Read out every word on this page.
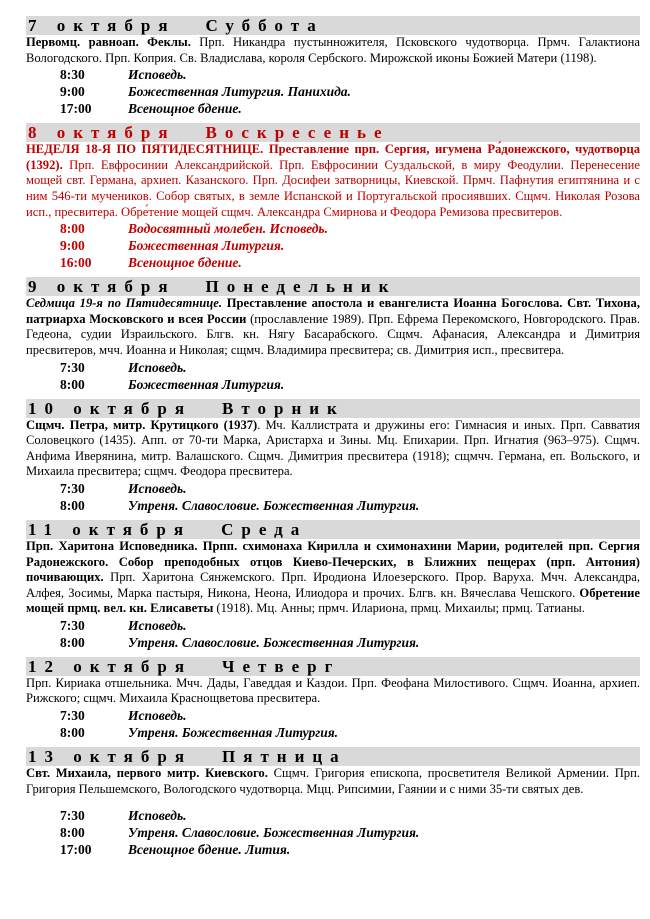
7 октября Суббота
Первомц. равноап. Феклы. Прп. Никандра пустынножителя, Псковского чудотворца. Прмч. Галактиона Вологодского. Прп. Коприя. Св. Владислава, короля Сербского. Мирожской иконы Божией Матери (1198).
8:30	Исповедь.
9:00	Божественная Литургия. Панихида.
17:00	Всенощное бдение.
8 октября Воскресенье
НЕДЕЛЯ 18-Я ПО ПЯТИДЕСЯТНИЦЕ. Преставление прп. Сергия, игумена Ра́донежского, чудотворца (1392). Прп. Евфросинии Александрийской. Прп. Евфросинии Суздальской, в миру Феодулии. Перенесение мощей свт. Германа, архиеп. Казанского. Прп. Досифеи затворницы, Киевской. Прмч. Пафнутия египтянина и с ним 546-ти мучеников. Собор святых, в земле Испанской и Португальской просиявших. Сщмч. Николая Розова исп., пресвитера. Обре́тение мощей сщмч. Александра Смирнова и Феодора Ремизова пресвитеров.
8:00	Водосвятный молебен. Исповедь.
9:00	Божественная Литургия.
16:00	Всенощное бдение.
9 октября Понедельник
Седмица 19-я по Пятидесятнице. Преставление апостола и евангелиста Иоанна Богослова. Свт. Тихона, патриарха Московского и всея России (прославление 1989). Прп. Ефрема Перекомского, Новгородского. Прав. Гедеона, судии Израильского. Блгв. кн. Нягу Басарабского. Сщмч. Афанасия, Александра и Димитрия пресвитеров, мчч. Иоанна и Николая; сщмч. Владимира пресвитера; св. Димитрия исп., пресвитера.
7:30	Исповедь.
8:00	Божественная Литургия.
10 октября Вторник
Сщмч. Петра, митр. Крутицкого (1937). Мч. Каллистрата и дружины его: Гимнасия и иных. Прп. Савватия Соловецкого (1435). Апп. от 70-ти Марка, Аристарха и Зины. Мц. Епихарии. Прп. Игнатия (963–975). Сщмч. Анфима Иверянина, митр. Валашского. Сщмч. Димитрия пресвитера (1918); сщмчч. Германа, еп. Вольского, и Михаила пресвитера; сщмч. Феодора пресвитера.
7:30	Исповедь.
8:00	Утреня. Славословие. Божественная Литургия.
11 октября Среда
Прп. Харитона Исповедника. Прпп. схимонаха Кирилла и схимонахини Марии, родителей прп. Сергия Радонежского. Собор преподобных отцов Киево-Печерских, в Ближних пещерах (прп. Антония) почивающих. Прп. Харитона Сянжемского. Прп. Иродиона Илоезерского. Прор. Варуха. Мчч. Александра, Алфея, Зосимы, Марка пастыря, Никона, Неона, Илиодора и прочих. Блгв. кн. Вячеслава Чешского. Обретение мощей прмц. вел. кн. Елисаветы (1918). Мц. Анны; прмч. Илариона, прмц. Михаилы; прмц. Татианы.
7:30	Исповедь.
8:00	Утреня. Славословие. Божественная Литургия.
12 октября Четверг
Прп. Кириака отшельника. Мчч. Дады, Гаведдая и Каздои. Прп. Феофана Милостивого. Сщмч. Иоанна, архиеп. Рижского; сщмч. Михаила Краснощветова пресвитера.
7:30	Исповедь.
8:00	Утреня. Божественная Литургия.
13 октября Пятница
Свт. Михаила, первого митр. Киевского. Сщмч. Григория епископа, просветителя Великой Армении. Прп. Григория Пельшемского, Вологодского чудотворца. Мцц. Рипсимии, Гаянии и с ними 35-ти святых дев.
7:30	Исповедь.
8:00	Утреня. Славословие. Божественная Литургия.
17:00	Всенощное бдение. Лития.
